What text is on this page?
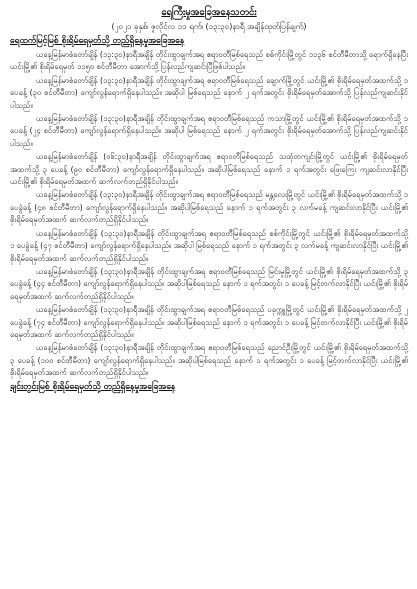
ရေကြီးမှုအခြေအနေသတင်း
(၂၀၂၁ ခုနှစ်၊ ဇူလိုင်လ ၁၁ ရက်၊ (၁၃:၃၀)နာရီ အချိန်ထုတ်ပြန်ချက်)
ရေထက်မြင့်မြစ် စိုးရိမ်ရေမှတ်သို့ တည်ရှိနေမှုအခြေအနေ

ယနေ့မြန်မာစံတော်ချိန် (၁၃:၃၀)နာရီအချိန် တိုင်းထွာချက်အရ ဧရာဝတီမြစ်ရေသည် စစ်ကိုင်းမြို့တွင် ၁၁၃၆ စင်တီမီတာသို့ ရောက်ရှိနေပြီး ယင်းမြို့၏ စိုးရိမ်ရေမှတ် ၁၁၅၀ စင်တီမီတာ အောက်သို့ ပြန်လည်ကျဆင်းပြီဖြစ်ပါသည်။

ယနေ့မြန်မာစံတော်ချိန် (၁၃:၃၀)နာရီအချိန် တိုင်းထွာချက်အရ ဧရာဝတီမြစ်ရေသည် ချောက်မြို့တွင် ယင်းမြို့၏ စိုးရိမ်ရေမှတ်အထက်သို့ ၁ ပေခန့် (၃၀ စင်တီမီတာ) ကျော်လွန်ရောက်ရှိနေပါသည်။ အဆိုပါ မြစ်ရေသည် နောက် ၂ ရက်အတွင်း စိုးရိမ်ရေမှတ်အောက်သို့ ပြန်လည်ကျဆင်းနိုင်ပါသည်။

ယနေ့မြန်မာစံတော်ချိန် (၁၃:၃၀)နာရီအချိန် တိုင်းထွာချက်အရ ဧရာဝတီမြစ်ရေသည် ကသာမြို့တွင် ယင်းမြို့၏ စိုးရိမ်ရေမှတ်အထက်သို့ ၁ ပေခန့် (၂၄ စင်တီမီတာ) ကျော်လွန်ရောက်ရှိနေပါသည်။ အဆိုပါ မြစ်ရေသည် နောက် ၂ ရက်အတွင်း စိုးရိမ်ရေမှတ်အောက်သို့ ပြန်လည်ကျဆင်းနိုင်ပါသည်။

ယနေ့မြန်မာစံတော်ချိန် (၀၆:၃၀)နာရီအချိန် တိုင်းထွာချက်အရ ဧရာဝတီမြစ်ရေသည် သထုံတကျင်းမြို့တွင် ယင်းမြို့၏ စိုးရိမ်ရေမှတ်အထက်သို့ ၃ ပေခန့် (၉၀ စင်တီမီတာ) ကျော်လွန်ရောက်ရှိနေပါသည်။ အဆိုပါမြစ်ရေသည် နောက် ၁ ရက်အတွင်း ဖြေးကြေး ကျဆင်းလာနိုင်ပြီး ယင်းမြို့၏ စိုးရိမ်ရေမှတ်အထက် ဆက်လက်တည်ရှိနိုင်ပါသည်။

ယနေ့မြန်မာစံတော်ချိန် (၁၃:၃၀)နာရီအချိန် တိုင်းထွာချက်အရ ဧရာဝတီမြစ်ရေသည် မန္တလေးမြို့တွင် ယင်းမြို့၏ စိုးရိမ်ရေမှတ်အထက်သို့ ၁ ပေခွဲခန့် (၄၈ စင်တီမီတာ) ကျော်လွန်ရောက်ရှိနေပါသည်။ အဆိုပါမြစ်ရေသည် နောက် ၁ ရက်အတွင်း ၃ လက်မခန့် ကျဆင်းလာနိုင်ပြီး ယင်းမြို့၏ စိုးရိမ်ရေမှတ်အထက် ဆက်လက်တည်ရှိနိုင်ပါသည်။

ယနေ့မြန်မာစံတော်ချိန် (၁၃:၃၀)နာရီအချိန် တိုင်းထွာချက်အရ ဧရာဝတီမြစ်ရေသည် စစ်ကိုင်းမြို့တွင် ယင်းမြို့၏ စိုးရိမ်ရေမှတ်အထက်သို့ ၁ ပေခွဲခန့် (၄၇ စင်တီမီတာ) ကျော်လွန်ရောက်ရှိနေပါသည်။ အဆိုပါ မြစ်ရေသည် နောက် ၁ ရက်အတွင်း ၃ လက်မခန့် ကျဆင်းလာနိုင်ပြီး ယင်းမြို့၏ စိုးရိမ်ရေမှတ်အထက် ဆက်လက်တည်ရှိနိုင်ပါသည်။

ယနေ့မြန်မာစံတော်ချိန် (၁၃:၃၀)နာရီအချိန် တိုင်းထွာချက်အရ ဧရာဝတီမြစ်ရေသည် မြင်းမူမြို့တွင် ယင်းမြို့၏ စိုးရိမ်ရေမှတ်အထက်သို့ ၃ ပေခွဲခန့် (၄၄ စင်တီမီတာ) ကျော်လွန်ရောက်ရှိနေပါသည်။ အဆိုပါမြစ်ရေသည် နောက် ၁ ရက်အတွင်း ၁ ပေခန့် မြင့်တက်လာနိုင်ပြီး ယင်းမြို့၏ စိုးရိမ်ရေမှတ်အထက် ဆက်လက်တည်ရှိနိုင်ပါသည်။

ယနေ့မြန်မာစံတော်ချိန် (၁၃:၃၀)နာရီအချိန် တိုင်းထွာချက်အရ ဧရာဝတီမြစ်ရေသည် ပခုက္ကူမြို့တွင် ယင်းမြို့၏ စိုးရိမ်ရေမှတ်အထက်သို့ ၂ ပေခွဲခန့် (၇၄ စင်တီမီတာ) ကျော်လွန်ရောက်ရှိနေပါသည်။ အဆိုပါမြစ်ရေသည် နောက် ၁ ရက်အတွင်း ၁ ပေခန့် မြင့်တက်လာနိုင်ပြီး ယင်းမြို့၏ စိုးရိမ်ရေမှတ်အထက် ဆက်လက်တည်ရှိနိုင်ပါသည်။

ယနေ့မြန်မာစံတော်ချိန် (၁၃:၃၀)နာရီအချိန် တိုင်းထွာချက်အရ ဧရာဝတီမြစ်ရေသည် ညောင်ဦးမြို့တွင် ယင်းမြို့၏ စိုးရိမ်ရေမှတ်အထက်သို့ ၃ ပေခန့် (၁၀၀ စင်တီမီတာ) ကျော်လွန်ရောက်ရှိနေပါသည်။ အဆိုပါမြစ်ရေသည် နောက် ၁ ရက်အတွင်း ၁ ပေခန့် မြင့်တက်လာနိုင်ပြီး ယင်းမြို့၏ စိုးရိမ်ရေမှတ်အထက် ဆက်လက်တည်ရှိနိုင်ပါသည်။

ချင်းတွင်းမြစ် စိုးရိမ်ရေမှတ်သို့ တည်ရှိနေမှုအခြေအနေ
